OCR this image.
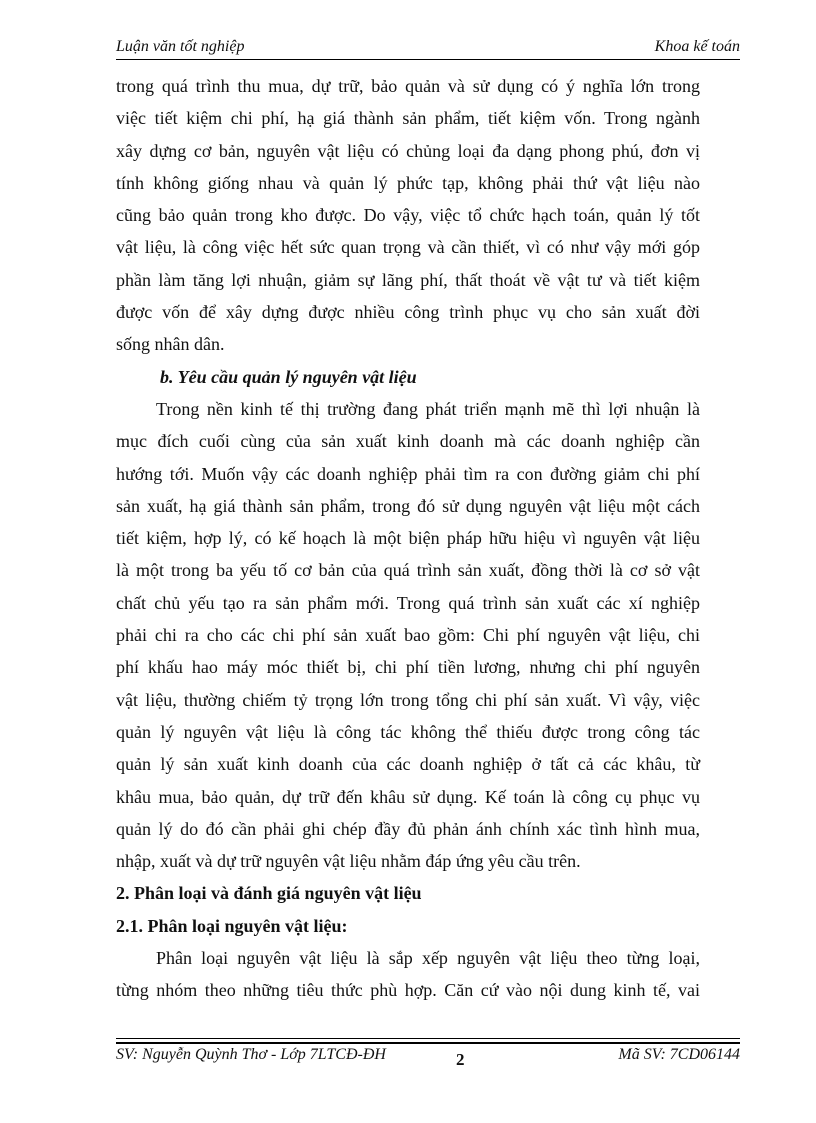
Luận văn tốt nghiệp	Khoa kế toán
trong quá trình thu mua, dự trữ, bảo quản và sử dụng có ý nghĩa lớn trong
việc tiết kiệm chi phí, hạ giá thành sản phẩm, tiết kiệm vốn. Trong ngành
xây dựng cơ bản, nguyên vật liệu có chủng loại đa dạng phong phú, đơn vị
tính không giống nhau và quản lý phức tạp, không phải thứ vật liệu nào
cũng bảo quản trong kho được. Do vậy, việc tổ chức hạch toán, quản lý tốt
vật liệu, là công việc hết sức quan trọng và cần thiết, vì có như vậy mới góp
phần làm tăng lợi nhuận, giảm sự lãng phí, thất thoát về vật tư và tiết kiệm
được vốn để xây dựng được nhiều công trình phục vụ cho sản xuất đời
sống nhân dân.
b. Yêu cầu quản lý nguyên vật liệu
Trong nền kinh tế thị trường đang phát triển mạnh mẽ thì lợi nhuận là
mục đích cuối cùng của sản xuất kinh doanh mà các doanh nghiệp cần
hướng tới. Muốn vậy các doanh nghiệp phải tìm ra con đường giảm chi phí
sản xuất, hạ giá thành sản phẩm, trong đó sử dụng nguyên vật liệu một cách
tiết kiệm, hợp lý, có kế hoạch là một biện pháp hữu hiệu vì nguyên vật liệu
là một trong ba yếu tố cơ bản của quá trình sản xuất, đồng thời là cơ sở vật
chất chủ yếu tạo ra sản phẩm mới. Trong quá trình sản xuất các xí nghiệp
phải chi ra cho các chi phí sản xuất bao gồm: Chi phí nguyên vật liệu, chi
phí khấu hao máy móc thiết bị, chi phí tiền lương, nhưng chi phí nguyên
vật liệu, thường chiếm tỷ trọng lớn trong tổng chi phí sản xuất. Vì vậy, việc
quản lý nguyên vật liệu là công tác không thể thiếu được trong công tác
quản lý sản xuất kinh doanh của các doanh nghiệp ở tất cả các khâu, từ
khâu mua, bảo quản, dự trữ đến khâu sử dụng. Kế toán là công cụ phục vụ
quản lý do đó cần phải ghi chép đầy đủ phản ánh chính xác tình hình mua,
nhập, xuất và dự trữ nguyên vật liệu nhằm đáp ứng yêu cầu trên.
2. Phân loại và đánh giá nguyên vật liệu
2.1. Phân loại nguyên vật liệu:
Phân loại nguyên vật liệu là sắp xếp nguyên vật liệu theo từng loại,
từng nhóm theo những tiêu thức phù hợp. Căn cứ vào nội dung kinh tế, vai
SV: Nguyễn Quỳnh Thơ - Lớp 7LTCĐ-ĐH	2	Mã SV: 7CD06144
